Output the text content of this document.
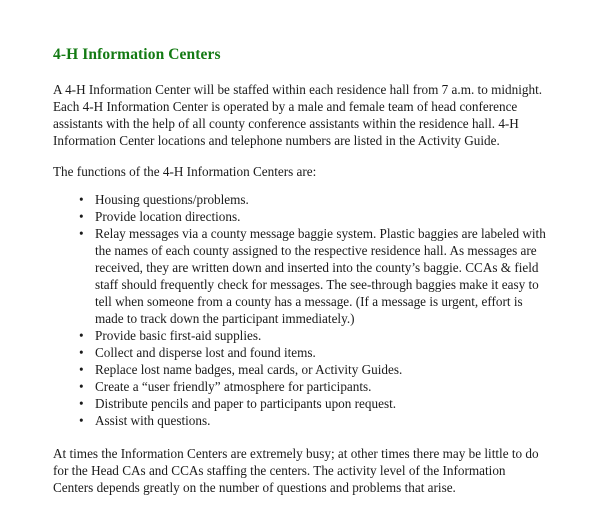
4-H Information Centers

A 4-H Information Center will be staffed within each residence hall from 7 a.m. to midnight. Each 4-H Information Center is operated by a male and female team of head conference assistants with the help of all county conference assistants within the residence hall. 4-H Information Center locations and telephone numbers are listed in the Activity Guide.

The functions of the 4-H Information Centers are:

• Housing questions/problems.
• Provide location directions.
• Relay messages via a county message baggie system. Plastic baggies are labeled with the names of each county assigned to the respective residence hall. As messages are received, they are written down and inserted into the county’s baggie. CCAs & field staff should frequently check for messages. The see-through baggies make it easy to tell when someone from a county has a message. (If a message is urgent, effort is made to track down the participant immediately.)
• Provide basic first-aid supplies.
• Collect and disperse lost and found items.
• Replace lost name badges, meal cards, or Activity Guides.
• Create a “user friendly” atmosphere for participants.
• Distribute pencils and paper to participants upon request.
• Assist with questions.

At times the Information Centers are extremely busy; at other times there may be little to do for the Head CAs and CCAs staffing the centers. The activity level of the Information Centers depends greatly on the number of questions and problems that arise.
